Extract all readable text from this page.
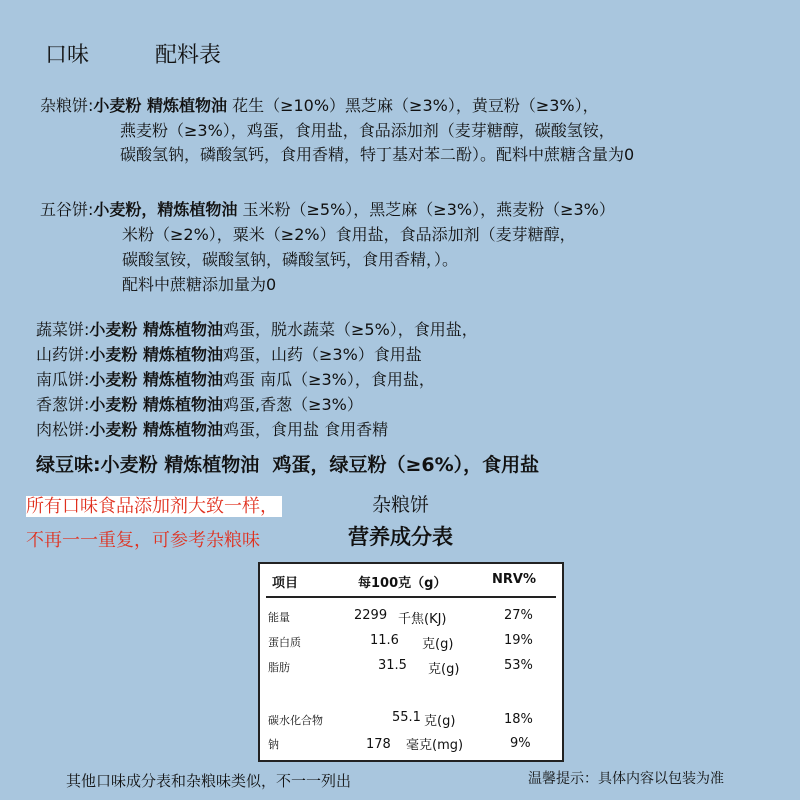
口味	配料表
杂粮饼:小麦粉 精炼植物油 花生（≥10%）黑芝麻（≥3%），黄豆粉（≥3%），
燕麦粉（≥3%），鸡蛋，食用盐，食品添加剂（麦芽糖醇，碳酸氢铵，
碳酸氢钠，磷酸氢钙，食用香精，特丁基对苯二酚）。配料中蔗糖含量为0
五谷饼:小麦粉，精炼植物油 玉米粉（≥5%），黑芝麻（≥3%），燕麦粉（≥3%）
米粉（≥2%），粟米（≥2%）食用盐，食品添加剂（麦芽糖醇，
碳酸氢铵，碳酸氢钠，磷酸氢钙，食用香精，）。
配料中蔗糖添加量为0
蔬菜饼:小麦粉 精炼植物油鸡蛋，脱水蔬菜（≥5%），食用盐，
山药饼:小麦粉 精炼植物油鸡蛋，山药（≥3%）食用盐
南瓜饼:小麦粉 精炼植物油鸡蛋 南瓜（≥3%），食用盐，
香葱饼:小麦粉 精炼植物油鸡蛋,香葱（≥3%）
肉松饼:小麦粉 精炼植物油鸡蛋，食用盐 食用香精
绿豆味:小麦粉 精炼植物油 鸡蛋，绿豆粉（≥6%），食用盐
所有口味食品添加剂大致一样，
不再一一重复，可参考杂粮味
杂粮饼
营养成分表
项目	每100克（g）	NRV%
能量	2299 千焦(KJ)	27%
蛋白质	11.6 克(g)	19%
脂肪	31.5 克(g)	53%
碳水化合物	55.1 克(g)	18%
钠	178 毫克(mg)	9%
其他口味成分表和杂粮味类似，不一一列出	温馨提示：具体内容以包装为准
